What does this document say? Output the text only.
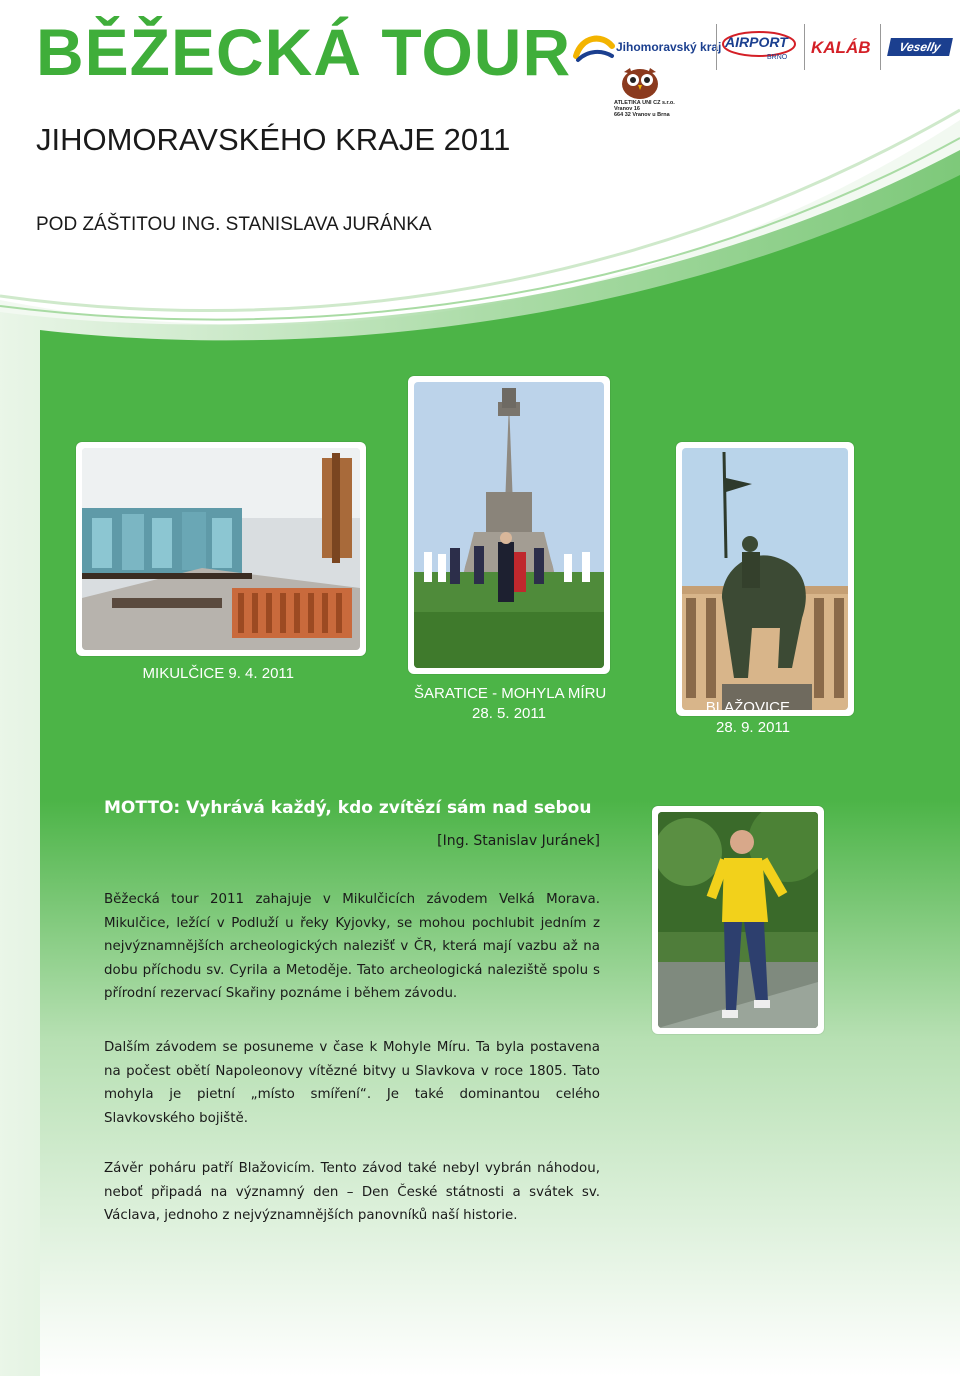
BĚŽECKÁ TOUR
JIHOMORAVSKÉHO KRAJE 2011
POD ZÁŠTITOU ING. STANISLAVA JURÁNKA
Jihomoravský kraj AIRPORT
BRNO
KALÁB	Veselly
ATLETIKA UNI CZ s.r.o.
Vranov 16
664 32 Vranov u Brna
MIKULČICE 9. 4. 2011
ŠARATICE - MOHYLA MÍRU
28. 5. 2011	BLAŽOVICE
28. 9. 2011
MOTTO: Vyhrává každý, kdo zvítězí sám nad sebou
[Ing. Stanislav Juránek]

Běžecká tour 2011 zahajuje v Mikulčicích závodem Velká Morava. Mikulčice, ležící v Podluží u řeky Kyjovky, se mohou pochlubit jedním z nejvýznamnějších archeologických nalezišť v ČR, která mají vazbu až na dobu příchodu sv. Cyrila a Metoděje. Tato archeologická naleziště spolu s přírodní rezervací Skařiny poznáme i během závodu.

Dalším závodem se posuneme v čase k Mohyle Míru. Ta byla postavena na počest obětí Napoleonovy vítězné bitvy u Slavkova v roce 1805. Tato mohyla je pietní „místo smíření“. Je také dominantou celého Slavkovského bojiště.

Závěr poháru patří Blažovicím. Tento závod také nebyl vybrán náhodou, neboť připadá na významný den – Den České státnosti a svátek sv. Václava, jednoho z nejvýznamnějších panovníků naší historie.
